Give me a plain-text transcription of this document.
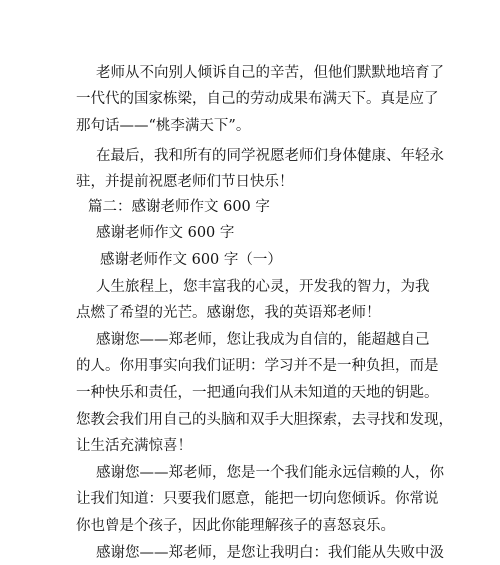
老师从不向别人倾诉自己的辛苦，但他们默默地培育了
一代代的国家栋梁，自己的劳动成果布满天下。真是应了
那句话——“桃李满天下”。
在最后，我和所有的同学祝愿老师们身体健康、年轻永
驻，并提前祝愿老师们节日快乐！
篇二：感谢老师作文 600 字
感谢老师作文 600 字
感谢老师作文 600 字（一）
人生旅程上，您丰富我的心灵，开发我的智力，为我
点燃了希望的光芒。感谢您，我的英语郑老师！
感谢您——郑老师，您让我成为自信的，能超越自己
的人。你用事实向我们证明：学习并不是一种负担，而是
一种快乐和责任，一把通向我们从未知道的天地的钥匙。
您教会我们用自己的头脑和双手大胆探索，去寻找和发现，
让生活充满惊喜！
感谢您——郑老师，您是一个我们能永远信赖的人，你
让我们知道：只要我们愿意，能把一切向您倾诉。你常说
你也曾是个孩子，因此你能理解孩子的喜怒哀乐。
感谢您——郑老师，是您让我明白：我们能从失败中汲
